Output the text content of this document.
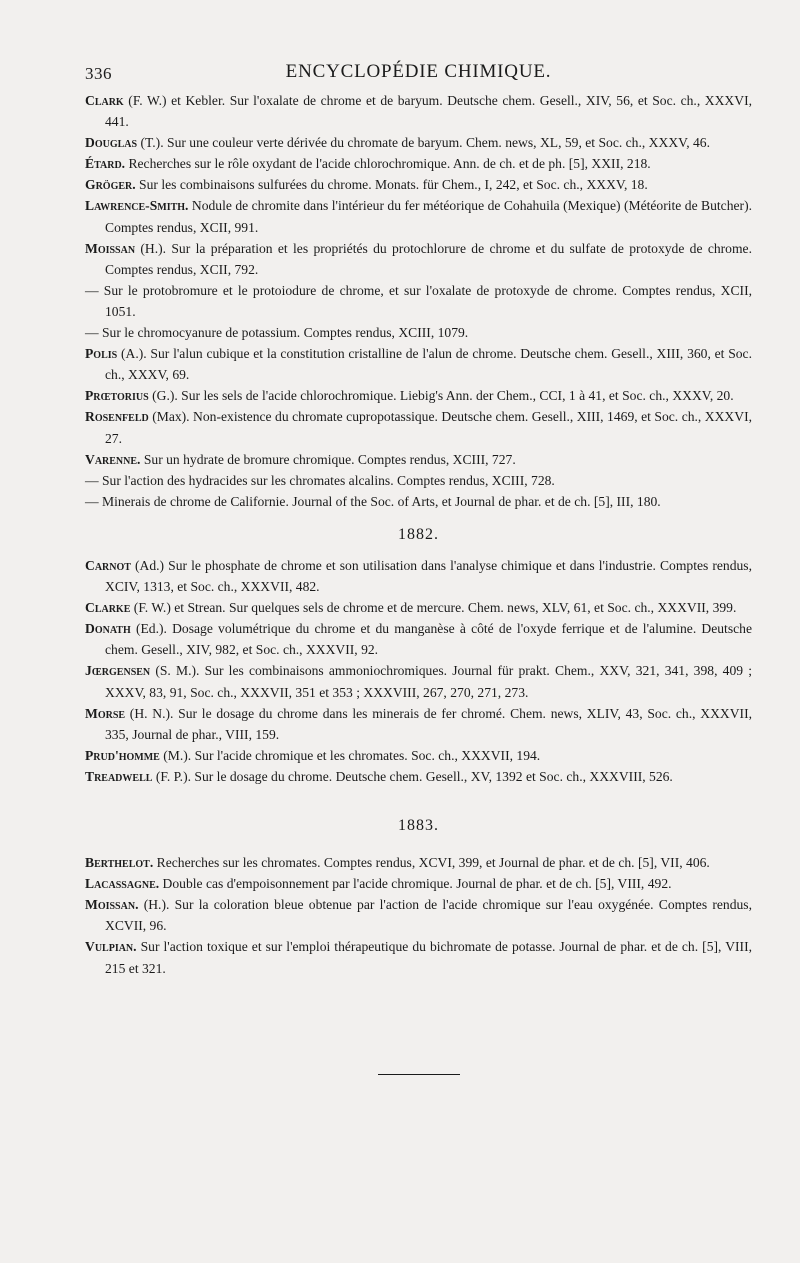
336	ENCYCLOPÉDIE CHIMIQUE.

Clark (F. W.) et Kebler. Sur l'oxalate de chrome et de baryum. Deutsche chem. Gesell., XIV, 56, et Soc. ch., XXXVI, 441.

Douglas (T.). Sur une couleur verte dérivée du chromate de baryum. Chem. news, XL, 59, et Soc. ch., XXXV, 46.

Étard. Recherches sur le rôle oxydant de l'acide chlorochromique. Ann. de ch. et de ph. [5], XXII, 218.

Gröger. Sur les combinaisons sulfurées du chrome. Monats. für Chem., I, 242, et Soc. ch., XXXV, 18.

Lawrence-Smith. Nodule de chromite dans l'intérieur du fer météorique de Cohahuila (Mexique) (Météorite de Butcher). Comptes rendus, XCII, 991.

Moissan (H.). Sur la préparation et les propriétés du protochlorure de chrome et du sulfate de protoxyde de chrome. Comptes rendus, XCII, 792.

— Sur le protobromure et le protoiodure de chrome, et sur l'oxalate de protoxyde de chrome. Comptes rendus, XCII, 1051.

— Sur le chromocyanure de potassium. Comptes rendus, XCIII, 1079.

Polis (A.). Sur l'alun cubique et la constitution cristalline de l'alun de chrome. Deutsche chem. Gesell., XIII, 360, et Soc. ch., XXXV, 69.

Prœtorius (G.). Sur les sels de l'acide chlorochromique. Liebig's Ann. der Chem., CCI, 1 à 41, et Soc. ch., XXXV, 20.

Rosenfeld (Max). Non-existence du chromate cupropotassique. Deutsche chem. Gesell., XIII, 1469, et Soc. ch., XXXVI, 27.

Varenne. Sur un hydrate de bromure chromique. Comptes rendus, XCIII, 727.

— Sur l'action des hydracides sur les chromates alcalins. Comptes rendus, XCIII, 728.

— Minerais de chrome de Californie. Journal of the Soc. of Arts, et Journal de phar. et de ch. [5], III, 180.

1882.

Carnot (Ad.) Sur le phosphate de chrome et son utilisation dans l'analyse chimique et dans l'industrie. Comptes rendus, XCIV, 1313, et Soc. ch., XXXVII, 482.

Clarke (F. W.) et Strean. Sur quelques sels de chrome et de mercure. Chem. news, XLV, 61, et Soc. ch., XXXVII, 399.

Donath (Ed.). Dosage volumétrique du chrome et du manganèse à côté de l'oxyde ferrique et de l'alumine. Deutsche chem. Gesell., XIV, 982, et Soc. ch., XXXVII, 92.

Jœrgensen (S. M.). Sur les combinaisons ammoniochromiques. Journal für prakt. Chem., XXV, 321, 341, 398, 409 ; XXXV, 83, 91, Soc. ch., XXXVII, 351 et 353 ; XXXVIII, 267, 270, 271, 273.

Morse (H. N.). Sur le dosage du chrome dans les minerais de fer chromé. Chem. news, XLIV, 43, Soc. ch., XXXVII, 335, Journal de phar., VIII, 159.

Prud'homme (M.). Sur l'acide chromique et les chromates. Soc. ch., XXXVII, 194.

Treadwell (F. P.). Sur le dosage du chrome. Deutsche chem. Gesell., XV, 1392 et Soc. ch., XXXVIII, 526.

1883.

Berthelot. Recherches sur les chromates. Comptes rendus, XCVI, 399, et Journal de phar. et de ch. [5], VII, 406.

Lacassagne. Double cas d'empoisonnement par l'acide chromique. Journal de phar. et de ch. [5], VIII, 492.

Moissan. (H.). Sur la coloration bleue obtenue par l'action de l'acide chromique sur l'eau oxygénée. Comptes rendus, XCVII, 96.

Vulpian. Sur l'action toxique et sur l'emploi thérapeutique du bichromate de potasse. Journal de phar. et de ch. [5], VIII, 215 et 321.
